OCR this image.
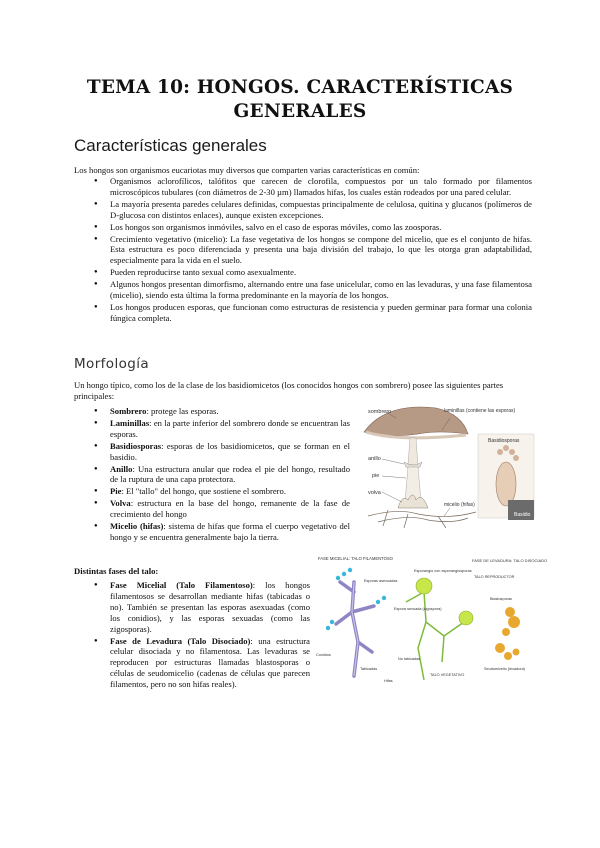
TEMA 10: HONGOS. CARACTERÍSTICAS
GENERALES
Características generales
Los hongos son organismos eucariotas muy diversos que comparten varias características en común:
● Organismos aclorofílicos, talófitos que carecen de clorofila, compuestos por un talo formado por filamentos microscópicos tubulares (con diámetros de 2-30 µm) llamados hifas, los cuales están rodeados por una pared celular.
● La mayoría presenta paredes celulares definidas, compuestas principalmente de celulosa, quitina y glucanos (polímeros de D-glucosa con distintos enlaces), aunque existen excepciones.
● Los hongos son organismos inmóviles, salvo en el caso de esporas móviles, como las zoosporas.
● Crecimiento vegetativo (micelio): La fase vegetativa de los hongos se compone del micelio, que es el conjunto de hifas. Esta estructura es poco diferenciada y presenta una baja división del trabajo, lo que les otorga gran adaptabilidad, especialmente para la vida en el suelo.
● Pueden reproducirse tanto sexual como asexualmente.
● Algunos hongos presentan dimorfismo, alternando entre una fase unicelular, como en las levaduras, y una fase filamentosa (micelio), siendo esta última la forma predominante en la mayoría de los hongos.
● Los hongos producen esporas, que funcionan como estructuras de resistencia y pueden germinar para formar una colonia fúngica completa.
Morfología
Un hongo típico, como los de la clase de los basidiomicetos (los conocidos hongos con sombrero) posee las siguientes partes principales:
● Sombrero: protege las esporas.
● Laminillas: en la parte inferior del sombrero donde se encuentran las esporas.
● Basidiosporas: esporas de los basidiomicetos, que se forman en el basidio.
● Anillo: Una estructura anular que rodea el pie del hongo, resultado de la ruptura de una capa protectora.
● Pie: El "tallo" del hongo, que sostiene el sombrero.
● Volva: estructura en la base del hongo, remanente de la fase de crecimiento del hongo
● Micelio (hifas): sistema de hifas que forma el cuerpo vegetativo del hongo y se encuentra generalmente bajo la tierra.
sombrero	laminillas (contiene las esporas)
Basidiosporas
anillo
pie
volva
micelio (hifas)
Basidio
Distintas fases del talo:
● Fase Micelial (Talo Filamentoso): los hongos filamentosos se desarrollan mediante hifas (tabicadas o no). También se presentan las esporas asexuadas (como los conidios), y las esporas sexuadas (como las zigosporas).
● Fase de Levadura (Talo Disociado): una estructura celular disociada y no filamentosa. Las levaduras se reproducen por estructuras llamadas blastosporas o células de seudomicelio (cadenas de células que parecen filamentos, pero no son hifas reales).
FASE MICELIAL: TALO FILAMENTOSO
Esporas asexuadas
Esporangio con esporangiosporas
Espora sexuada (zigospora)
TALO REPRODUCTOR
Conidios
No tabicadas
Tabicadas
Hifas
TALO VEGETATIVO
FASE DE LEVADURA: TALO DISOCIADO
Blastosporas
Seudomicelio (levadura)
